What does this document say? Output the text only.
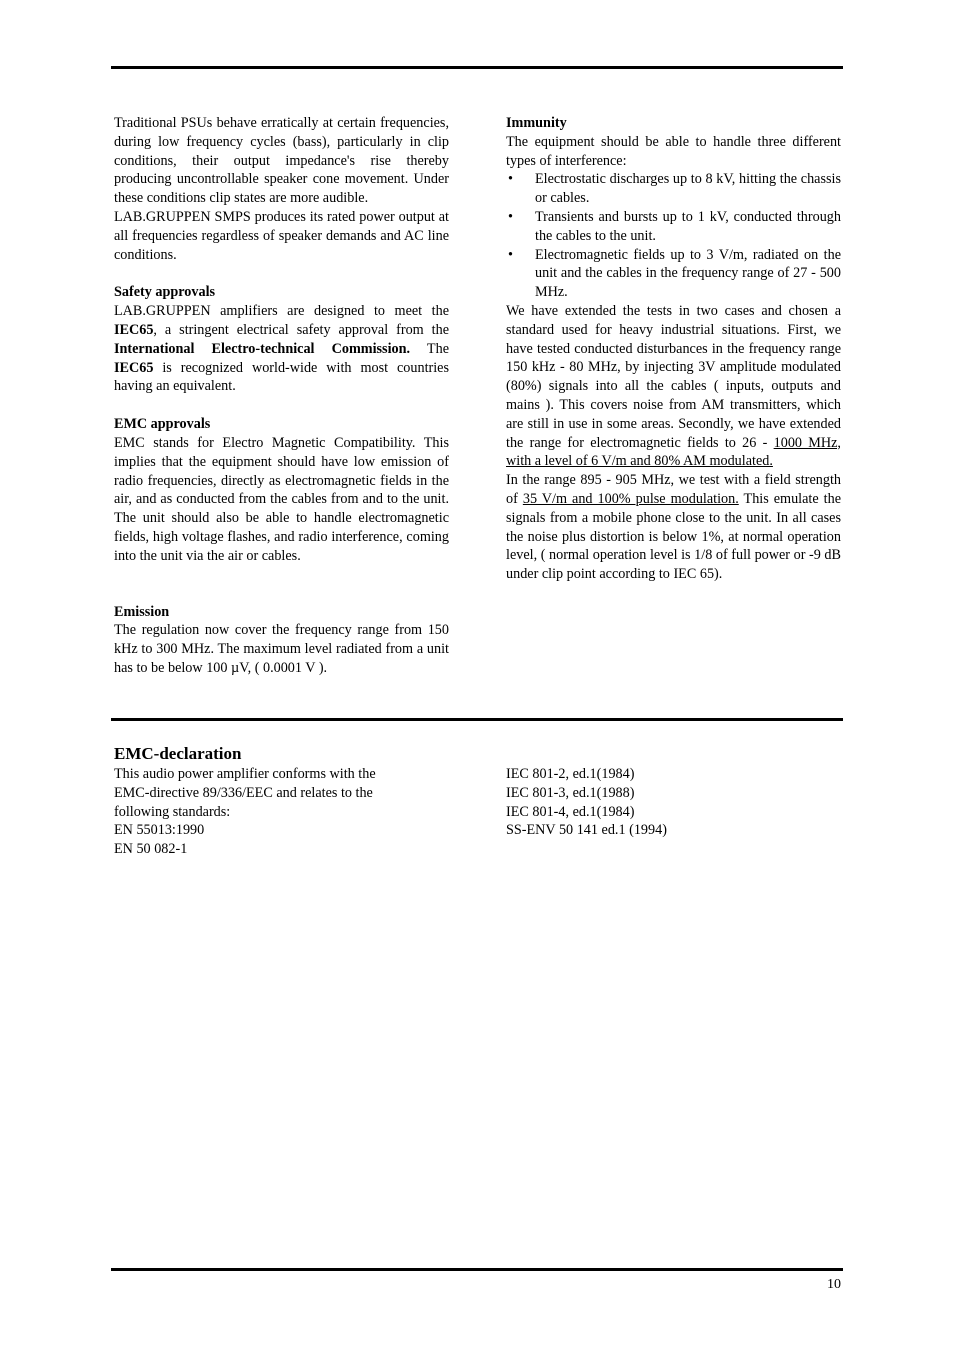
Traditional PSUs behave erratically at certain frequencies, during low frequency cycles (bass), particularly in clip conditions, their output impedance's rise thereby producing uncontrollable speaker cone movement. Under these conditions clip states are more audible.

LAB.GRUPPEN SMPS produces its rated power output at all frequencies regardless of speaker demands and AC line conditions.

Safety approvals

LAB.GRUPPEN amplifiers are designed to meet the IEC65, a stringent electrical safety approval from the International Electro-technical Commission. The IEC65 is recognized world-wide with most countries having an equivalent.

EMC approvals

EMC stands for Electro Magnetic Compatibility. This implies that the equipment should have low emission of radio frequencies, directly as electromagnetic fields in the air, and as conducted from the cables from and to the unit. The unit should also be able to handle electromagnetic fields, high voltage flashes, and radio interference, coming into the unit via the air or cables.

Emission

The regulation now cover the frequency range from 150 kHz to 300 MHz. The maximum level radiated from a unit has to be below 100 µV, ( 0.0001 V ).

Immunity

The equipment should be able to handle three different types of interference:

• Electrostatic discharges up to 8 kV, hitting the chassis or cables.
• Transients and bursts up to 1 kV, conducted through the cables to the unit.
• Electromagnetic fields up to 3 V/m, radiated on the unit and the cables in the frequency range of 27 - 500 MHz.

We have extended the tests in two cases and chosen a standard used for heavy industrial situations. First, we have tested conducted disturbances in the frequency range 150 kHz - 80 MHz, by injecting 3V amplitude modulated (80%) signals into all the cables ( inputs, outputs and mains ). This covers noise from AM transmitters, which are still in use in some areas. Secondly, we have extended the range for electromagnetic fields to 26 - 1000 MHz, with a level of 6 V/m and 80% AM modulated.

In the range 895 - 905 MHz, we test with a field strength of 35 V/m and 100% pulse modulation. This emulate the signals from a mobile phone close to the unit. In all cases the noise plus distortion is below 1%, at normal operation level, ( normal operation level is 1/8 of full power or -9 dB under clip point according to IEC 65).

EMC-declaration

This audio power amplifier conforms with the
EMC-directive 89/336/EEC and relates to the
following standards:
EN 55013:1990
EN 50 082-1
IEC 801-2, ed.1(1984)
IEC 801-3, ed.1(1988)
IEC 801-4, ed.1(1984)
SS-ENV 50 141 ed.1 (1994)
10
